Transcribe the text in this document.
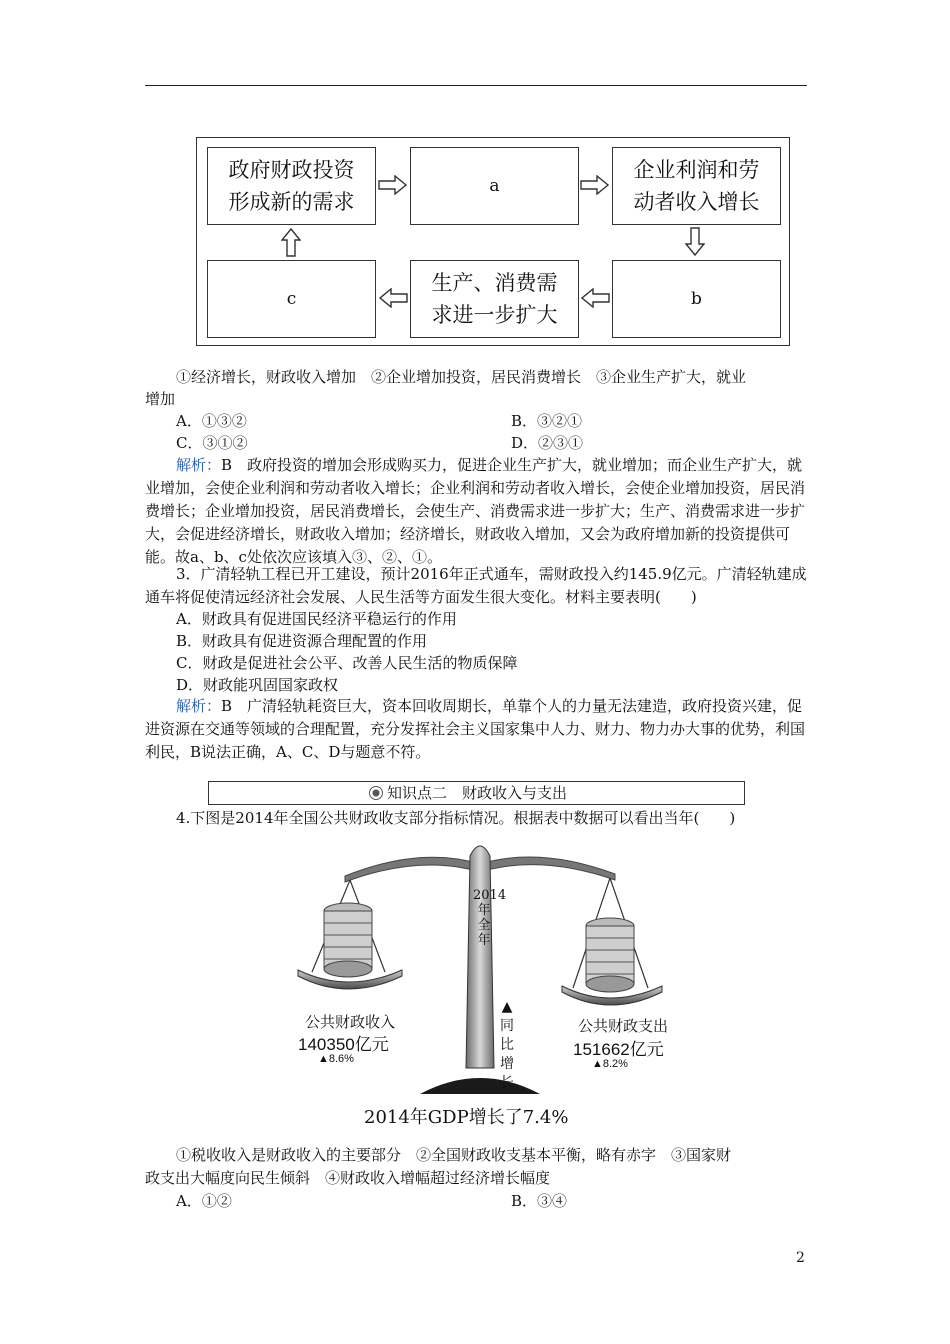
政府财政投资
形成新的需求
a
企业利润和劳
动者收入增长
b
生产、消费需
求进一步扩大
c
①经济增长，财政收入增加　②企业增加投资，居民消费增长　③企业生产扩大，就业
增加
A．①③②	B．③②①
C．③①②	D．②③①
解析：B　政府投资的增加会形成购买力，促进企业生产扩大，就业增加；而企业生产扩大，就业增加，会使企业利润和劳动者收入增长；企业利润和劳动者收入增长，会使企业增加投资，居民消费增长；企业增加投资，居民消费增长，会使生产、消费需求进一步扩大；生产、消费需求进一步扩大，会促进经济增长，财政收入增加；经济增长，财政收入增加，又会为政府增加新的投资提供可能。故a、b、c处依次应该填入③、②、①。
3．广清轻轨工程已开工建设，预计2016年正式通车，需财政投入约145.9亿元。广清轻轨建成通车将促使清远经济社会发展、人民生活等方面发生很大变化。材料主要表明(　　)
A．财政具有促进国民经济平稳运行的作用
B．财政具有促进资源合理配置的作用
C．财政是促进社会公平、改善人民生活的物质保障
D．财政能巩固国家政权
解析：B　广清轻轨耗资巨大，资本回收周期长，单靠个人的力量无法建造，政府投资兴建，促进资源在交通等领域的合理配置，充分发挥社会主义国家集中人力、财力、物力办大事的优势，利国利民，B说法正确，A、C、D与题意不符。
知识点二　财政收入与支出
4.下图是2014年全国公共财政收支部分指标情况。根据表中数据可以看出当年(　　)
2014年全年
▲同比增长
公共财政收入
140350亿元
▲8.6%
公共财政支出
151662亿元
▲8.2%
2014年GDP增长了7.4%
①税收收入是财政收入的主要部分　②全国财政收支基本平衡，略有赤字　③国家财
政支出大幅度向民生倾斜　④财政收入增幅超过经济增长幅度
A．①②	B．③④
2
